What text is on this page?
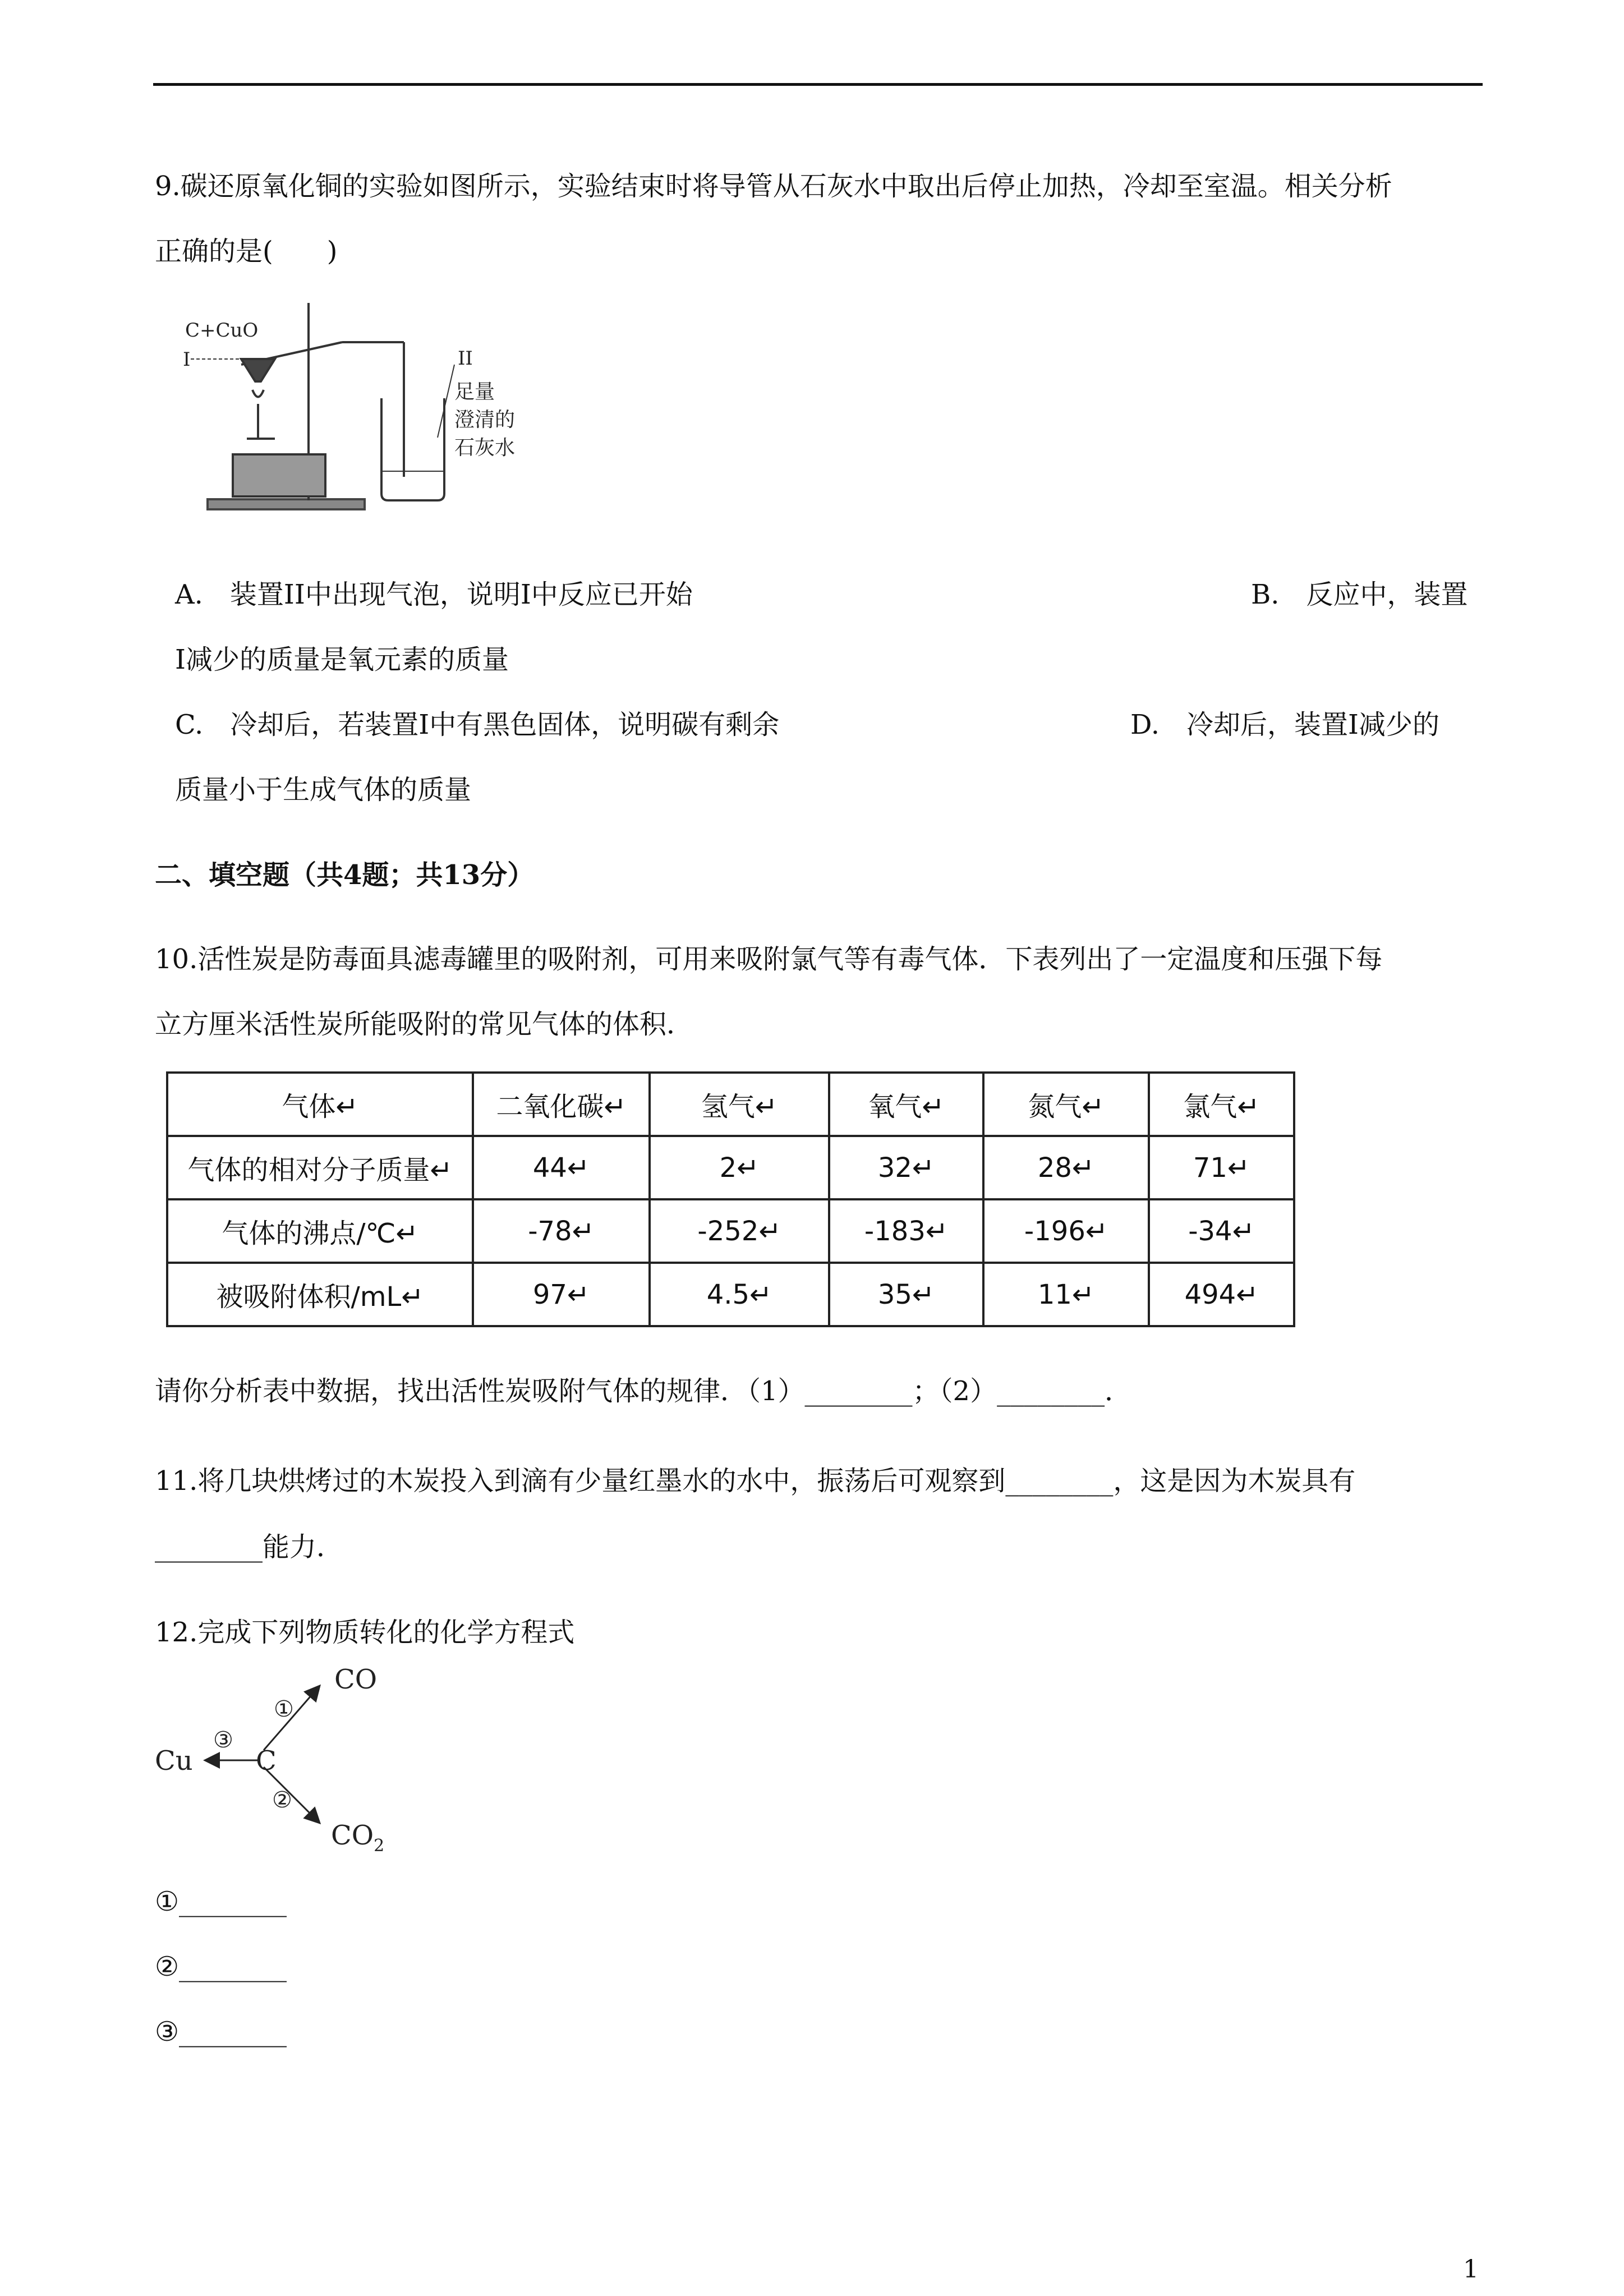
9.碳还原氧化铜的实验如图所示，实验结束时将导管从石灰水中取出后停止加热，冷却至室温。相关分析
正确的是(　　)
C+CuO
I	II
足量
澄清的
石灰水
A.　装置II中出现气泡，说明I中反应已开始	B.　反应中，装置
I减少的质量是氧元素的质量
C.　冷却后，若装置I中有黑色固体，说明碳有剩余	D.　冷却后，装置I减少的
质量小于生成气体的质量
二、填空题（共4题；共13分）
10.活性炭是防毒面具滤毒罐里的吸附剂，可用来吸附氯气等有毒气体．下表列出了一定温度和压强下每
立方厘米活性炭所能吸附的常见气体的体积．
气体↵	二氧化碳↵	氢气↵	氧气↵	氮气↵	氯气↵
气体的相对分子质量↵	44↵	2↵	32↵	28↵	71↵
气体的沸点/℃↵	-78↵	-252↵	-183↵	-196↵	-34↵
被吸附体积/mL↵	97↵	4.5↵	35↵	11↵	494↵
请你分析表中数据，找出活性炭吸附气体的规律．（1）________；（2）________．
11.将几块烘烤过的木炭投入到滴有少量红墨水的水中，振荡后可观察到________，这是因为木炭具有
________能力．
12.完成下列物质转化的化学方程式
C
Cu
CO
$CO_2$
①
②
③
①________
②________
③________
1
